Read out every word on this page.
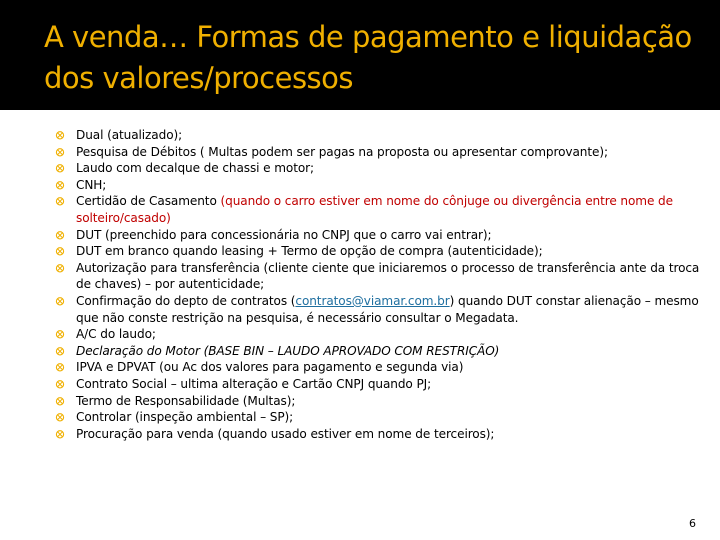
A venda… Formas de pagamento e liquidação dos valores/processos
Dual (atualizado);
Pesquisa de Débitos ( Multas podem ser pagas na proposta ou apresentar comprovante);
Laudo com decalque de chassi e motor;
CNH;
Certidão de Casamento (quando o carro estiver em nome do cônjuge ou divergência entre nome de solteiro/casado)
DUT (preenchido para concessionária no CNPJ que o carro vai entrar);
DUT em branco quando leasing + Termo de opção de compra (autenticidade);
Autorização para transferência (cliente ciente que iniciaremos o processo de transferência ante da troca de chaves) – por autenticidade;
Confirmação do depto de contratos (contratos@viamar.com.br) quando DUT constar alienação – mesmo que não conste restrição na pesquisa, é necessário consultar o Megadata.
A/C do laudo;
Declaração do Motor (BASE BIN – LAUDO APROVADO COM RESTRIÇÃO)
IPVA e DPVAT (ou Ac dos valores para pagamento e segunda via)
Contrato Social – ultima alteração e Cartão CNPJ quando PJ;
Termo de Responsabilidade (Multas);
Controlar (inspeção ambiental – SP);
Procuração para venda (quando usado estiver em nome de terceiros);
6
